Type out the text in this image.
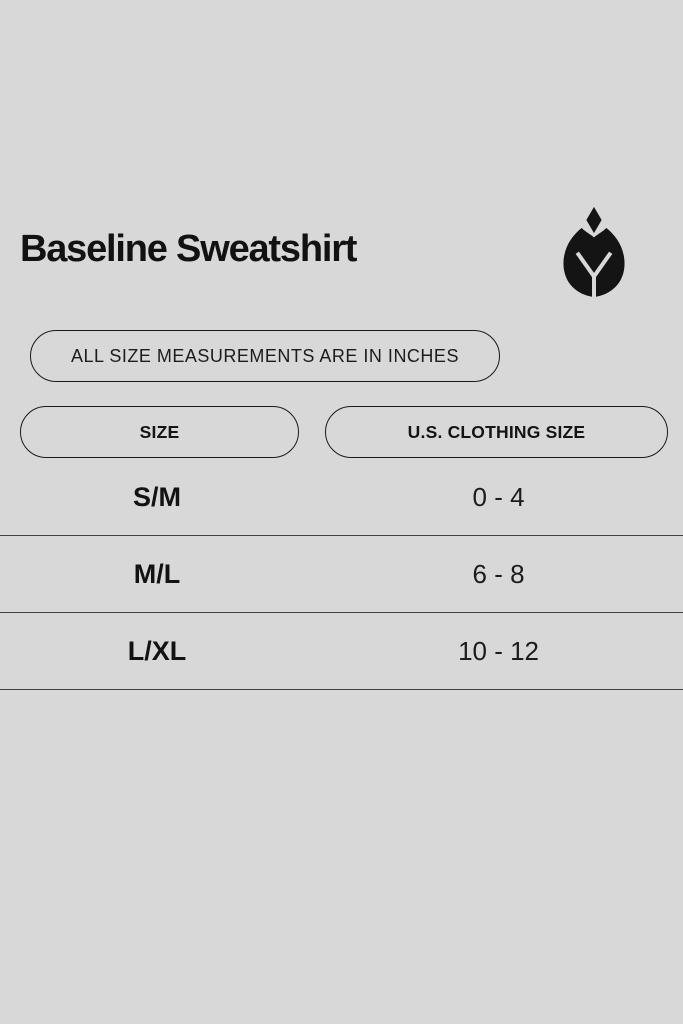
Baseline Sweatshirt
ALL SIZE MEASUREMENTS ARE IN INCHES
SIZE	U.S. CLOTHING SIZE
S/M	0 - 4
M/L	6 - 8
L/XL	10 - 12
